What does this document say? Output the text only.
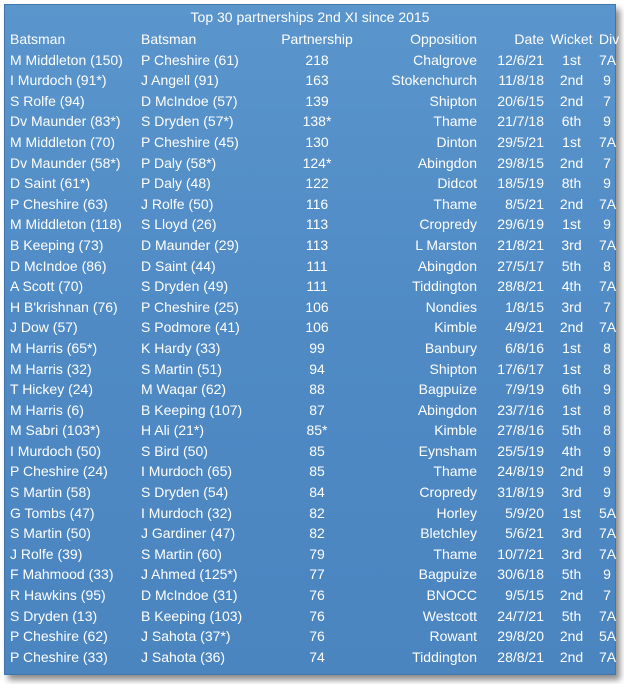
Top 30 partnerships 2nd XI since 2015
Batsman	Batsman	Partnership	Opposition	Date	Wicket	Div
M Middleton (150)	P Cheshire (61)	218	Chalgrove	12/6/21	1st	7A
I Murdoch (91*)	J Angell (91)	163	Stokenchurch	11/8/18	2nd	9
S Rolfe (94)	D McIndoe (57)	139	Shipton	20/6/15	2nd	7
Dv Maunder (83*)	S Dryden (57*)	138*	Thame	21/7/18	6th	9
M Middleton (70)	P Cheshire (45)	130	Dinton	29/5/21	1st	7A
Dv Maunder (58*)	P Daly (58*)	124*	Abingdon	29/8/15	2nd	7
D Saint (61*)	P Daly (48)	122	Didcot	18/5/19	8th	9
P Cheshire (63)	J Rolfe (50)	116	Thame	8/5/21	2nd	7A
M Middleton (118)	S Lloyd (26)	113	Cropredy	29/6/19	1st	9
B Keeping (73)	D Maunder (29)	113	L Marston	21/8/21	3rd	7A
D McIndoe (86)	D Saint (44)	111	Abingdon	27/5/17	5th	8
A Scott (70)	S Dryden (49)	111	Tiddington	28/8/21	4th	7A
H B'krishnan (76)	P Cheshire (25)	106	Nondies	1/8/15	3rd	7
J Dow (57)	S Podmore (41)	106	Kimble	4/9/21	2nd	7A
M Harris (65*)	K Hardy (33)	99	Banbury	6/8/16	1st	8
M Harris (32)	S Martin (51)	94	Shipton	17/6/17	1st	8
T Hickey (24)	M Waqar (62)	88	Bagpuize	7/9/19	6th	9
M Harris (6)	B Keeping (107)	87	Abingdon	23/7/16	1st	8
M Sabri (103*)	H Ali (21*)	85*	Kimble	27/8/16	5th	8
I Murdoch (50)	S Bird (50)	85	Eynsham	25/5/19	4th	9
P Cheshire (24)	I Murdoch (65)	85	Thame	24/8/19	2nd	9
S Martin (58)	S Dryden (54)	84	Cropredy	31/8/19	3rd	9
G Tombs (47)	I Murdoch (32)	82	Horley	5/9/20	1st	5A
S Martin (50)	J Gardiner (47)	82	Bletchley	5/6/21	3rd	7A
J Rolfe (39)	S Martin (60)	79	Thame	10/7/21	3rd	7A
F Mahmood (33)	J Ahmed (125*)	77	Bagpuize	30/6/18	5th	9
R Hawkins (95)	D McIndoe (31)	76	BNOCC	9/5/15	2nd	7
S Dryden (13)	B Keeping (103)	76	Westcott	24/7/21	5th	7A
P Cheshire (62)	J Sahota (37*)	76	Rowant	29/8/20	2nd	5A
P Cheshire (33)	J Sahota (36)	74	Tiddington	28/8/21	2nd	7A
